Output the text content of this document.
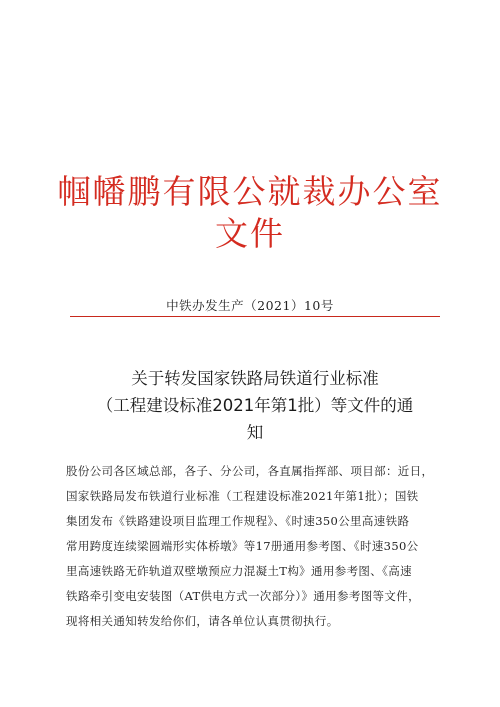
帼幡鹏有限公就裁办公室
文件
中铁办发生产（2021）10号
关于转发国家铁路局铁道行业标准
（工程建设标准2021年第1批）等文件的通
知
股份公司各区域总部，各子、分公司，各直属指挥部、项目部：近日，
国家铁路局发布铁道行业标准（工程建设标准2021年第1批）；国铁
集团发布《铁路建设项目监理工作规程》、《时速350公里高速铁路
常用跨度连续梁圆端形实体桥墩》等17册通用参考图、《时速350公
里高速铁路无砟轨道双壁墩预应力混凝土T构》通用参考图、《高速
铁路牵引变电安装图（AT供电方式一次部分）》通用参考图等文件，
现将相关通知转发给你们，请各单位认真贯彻执行。
